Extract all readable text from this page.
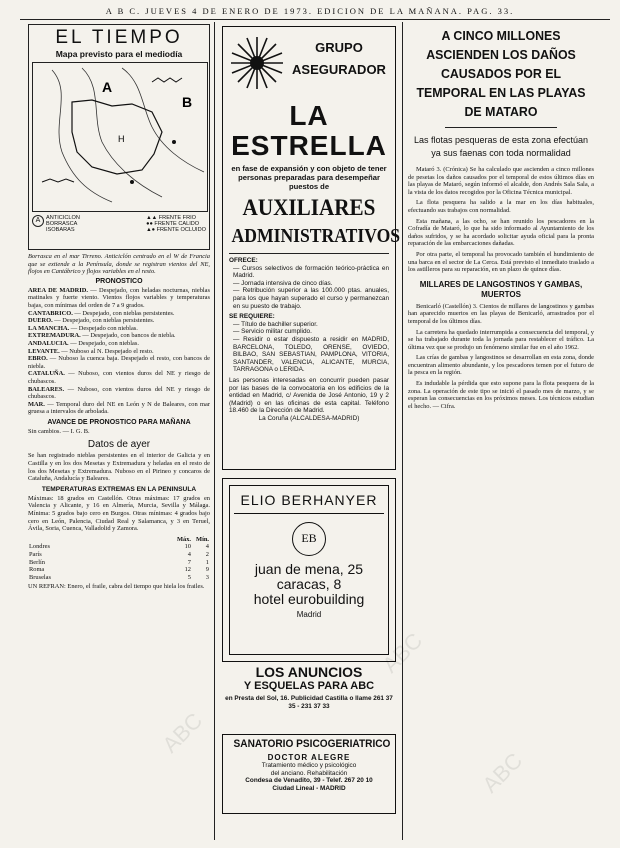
A B C. JUEVES 4 DE ENERO DE 1973. EDICION DE LA MAÑANA. PAG. 33.
EL TIEMPO
Mapa previsto para el mediodía
A
B
H
A	ANTICICLON
BORRASCA
ISOBARAS
▲▲ FRENTE FRIO
●● FRENTE CALIDO
▲● FRENTE OCLUIDO
Borrasca en el mar Tirreno. Anticiclón centrado en el W de Francia que se extiende a la Península, donde se registran vientos del NE, flojos en Cantábrico y flojos variables en el resto.
PRONOSTICO
AREA DE MADRID. — Despejado, con heladas nocturnas, nieblas matinales y fuerte viento. Vientos flojos variables y temperaturas bajas, con mínimas del orden de 7 a 9 grados.
CANTABRICO. — Despejado, con nieblas persistentes.
DUERO. — Despejado, con nieblas persistentes.
LA MANCHA. — Despejado con nieblas.
EXTREMADURA. — Despejado, con bancos de niebla.
ANDALUCIA. — Despejado, con nieblas.
LEVANTE. — Nuboso al N. Despejado el resto.
EBRO. — Nuboso la cuenca baja. Despejado el resto, con bancos de niebla.
CATALUÑA. — Nuboso, con vientos duros del NE y riesgo de chubascos.
BALEARES. — Nuboso, con vientos duros del NE y riesgo de chubascos.
MAR. — Temporal duro del NE en León y N de Baleares, con mar gruesa a intervalos de arbolada.
AVANCE DE PRONOSTICO PARA MAÑANA
Sin cambios. — I. G. B.
Datos de ayer
Se han registrado nieblas persistentes en el interior de Galicia y en Castilla y en los dos Mesetas y Extremadura y heladas en el resto de los dos Mesetas y Extremadura. Nuboso en el Pirineo y concaros de Cataluña, Andalucía y Baleares.
TEMPERATURAS EXTREMAS EN LA PENINSULA
Máximas: 18 grados en Castellón. Otras máximas: 17 grados en Valencia y Alicante, y 16 en Almería, Murcia, Sevilla y Málaga. Mínima: 5 grados bajo cero en Burgos. Otras mínimas: 4 grados bajo cero en León, Palencia, Ciudad Real y Salamanca, y 3 en Teruel, Ávila, Soria, Cuenca, Valladolid y Zamora.
	Máx.	Mín.
Londres	10	4
París	4	2
Berlín	7	1
Roma	12	9
Bruselas	5	3
UN REFRAN: Enero, el fraile, cabra del tiempo que hiela los frailes.
GRUPO
ASEGURADOR
LA ESTRELLA
en fase de expansión y con objeto de tener personas preparadas para desempeñar puestos de
AUXILIARES
ADMINISTRATIVOS
OFRECE:
— Cursos selectivos de formación teórico-práctica en Madrid.
— Jornada intensiva de cinco días.
— Retribución superior a las 100.000 ptas. anuales, para los que hayan superado el curso y permanezcan en su puesto de trabajo.
SE REQUIERE:
— Título de bachiller superior.
— Servicio militar cumplido.
— Residir o estar dispuesto a residir en MADRID, BARCELONA, TOLEDO, ORENSE, OVIEDO, BILBAO, SAN SEBASTIAN, PAMPLONA, VITORIA, SANTANDER, VALENCIA, ALICANTE, MURCIA, TARRAGONA o LERIDA.
Las personas interesadas en concurrir pueden pasar por las bases de la convocatoria en los edificios de la entidad en Madrid, c/ Avenida de José Antonio, 19 y 2 (Madrid) o en las oficinas de esta capital. Teléfono 18.460 de la Dirección de Madrid.
La Coruña (ALCALDESA-MADRID)
ELIO BERHANYER
EB
juan de mena, 25
caracas, 8
hotel eurobuilding
Madrid
LOS ANUNCIOS
Y ESQUELAS PARA ABC
en Presta del Sol, 16. Publicidad Castilla o llame 261 37 35 - 231 37 33
SANATORIO PSICOGERIATRICO
DOCTOR ALEGRE
Tratamiento médico y psicológico
del anciano. Rehabilitación
Condesa de Venadito, 39 - Telef. 267 20 10
Ciudad Lineal - MADRID
A CINCO MILLONES ASCIENDEN LOS DAÑOS CAUSADOS POR EL TEMPORAL EN LAS PLAYAS DE MATARO
Las flotas pesqueras de esta zona efectúan ya sus faenas con toda normalidad
Mataró 3. (Crónica) Se ha calculado que ascienden a cinco millones de pesetas los daños causados por el temporal de estos últimos días en las playas de Mataró, según informó el alcalde, don Andrés Sala Sala, a la vista de los datos recogidos por la Oficina Técnica municipal.
La flota pesquera ha salido a la mar en los días habituales, efectuando sus trabajos con normalidad.
Esta mañana, a las ocho, se han reunido los pescadores en la Cofradía de Mataró, lo que ha sido informado al Ayuntamiento de los daños sufridos, y se ha acordado solicitar ayuda oficial para la pronta reparación de las embarcaciones dañadas.
Por otra parte, el temporal ha provocado también el hundimiento de una barca en el sector de La Cerca. Está previsto el inmediato traslado a los astilleros para su reparación, en un plazo de quince días.
MILLARES DE LANGOSTINOS Y GAMBAS, MUERTOS
Benicarló (Castellón) 3. Cientos de millares de langostinos y gambas han aparecido muertos en las playas de Benicarló, arrastrados por el temporal de los últimos días.
La carretera ha quedado interrumpida a consecuencia del temporal, y se ha trabajado durante toda la jornada para restablecer el tráfico. La última vez que se produjo un fenómeno similar fue en el año 1962.
Las crías de gambas y langostinos se desarrollan en esta zona, donde encuentran alimento abundante, y los pescadores temen por el futuro de la pesca en la región.
Es indudable la pérdida que esto supone para la flota pesquera de la zona. La operación de este tipo se inició el pasado mes de marzo, y se esperan las consecuencias en los próximos meses. Los técnicos estudian el hecho. — Cifra.
ABC
ABC
ABC
